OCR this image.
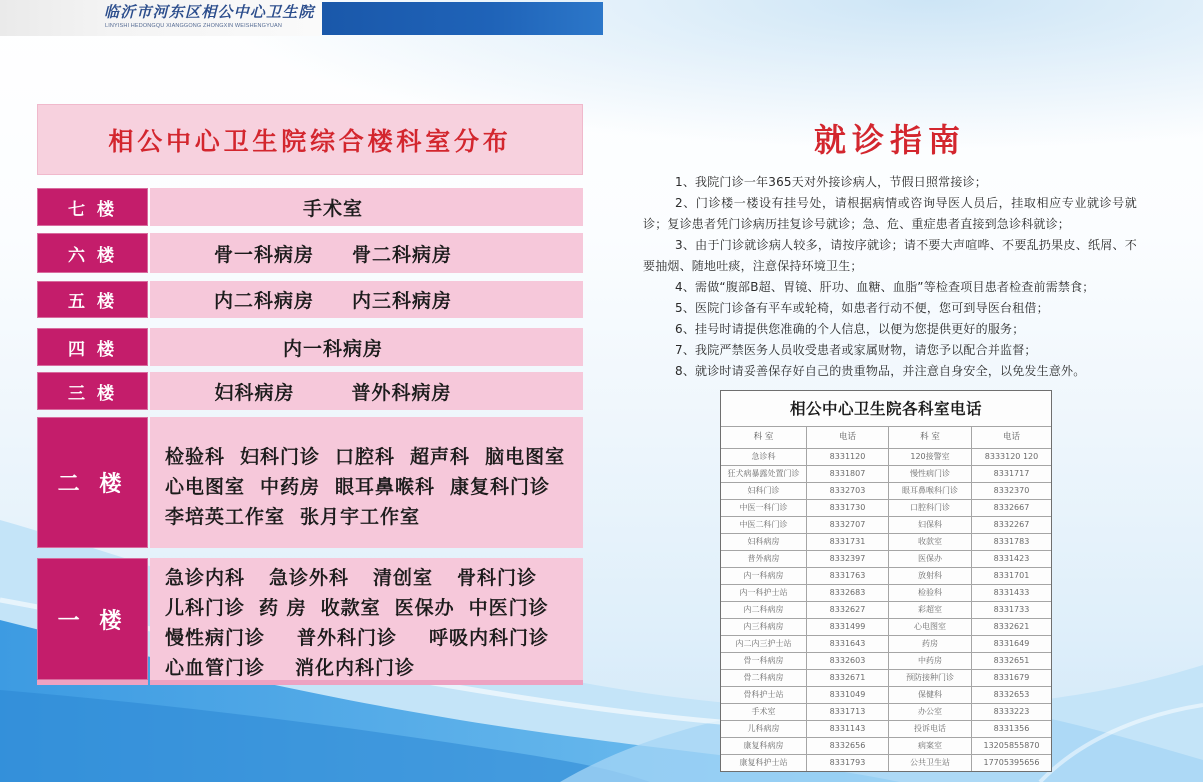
临沂市河东区相公中心卫生院
LINYISHI HEDONGQU XIANGGONG ZHONGXIN WEISHENGYUAN
相公中心卫生院综合楼科室分布
七 楼	手术室
六 楼	骨一科病房 骨二科病房
五 楼	内二科病房 内三科病房
四 楼	内一科病房
三 楼	妇科病房	普外科病房
二 楼
检验科 妇科门诊 口腔科 超声科 脑电图室
心电图室 中药房 眼耳鼻喉科 康复科门诊
李培英工作室 张月宇工作室
一 楼
急诊内科 急诊外科 清创室 骨科门诊
儿科门诊 药 房 收款室 医保办 中医门诊
慢性病门诊 普外科门诊 呼吸内科门诊
心血管门诊 消化内科门诊
就诊指南

1、我院门诊一年365天对外接诊病人，节假日照常接诊；

2、门诊楼一楼设有挂号处，请根据病情或咨询导医人员后，挂取相应专业就诊号就诊；复诊患者凭门诊病历挂复诊号就诊；急、危、重症患者直接到急诊科就诊；

3、由于门诊就诊病人较多，请按序就诊；请不要大声喧哗、不要乱扔果皮、纸屑、不要抽烟、随地吐痰，注意保持环境卫生；

4、需做“腹部B超、胃镜、肝功、血糖、血脂”等检查项目患者检查前需禁食；

5、医院门诊备有平车或轮椅，如患者行动不便，您可到导医台租借；

6、挂号时请提供您准确的个人信息，以便为您提供更好的服务；

7、我院严禁医务人员收受患者或家属财物，请您予以配合并监督；

8、就诊时请妥善保存好自己的贵重物品，并注意自身安全，以免发生意外。

相公中心卫生院各科室电话
科 室	电话	科 室	电话
急诊科	8331120	120接警室	8333120 120
狂犬病暴露处置门诊	8331807	慢性病门诊	8331717
妇科门诊	8332703	眼耳鼻喉科门诊	8332370
中医一科门诊	8331730	口腔科门诊	8332667
中医二科门诊	8332707	妇保科	8332267
妇科病房	8331731	收款室	8331783
普外病房	8332397	医保办	8331423
内一科病房	8331763	放射科	8331701
内一科护士站	8332683	检验科	8331433
内二科病房	8332627	彩超室	8331733
内三科病房	8331499	心电图室	8332621
内二内三护士站	8331643	药房	8331649
骨一科病房	8332603	中药房	8332651
骨二科病房	8332671	预防接种门诊	8331679
骨科护士站	8331049	保健科	8332653
手术室	8331713	办公室	8333223
儿科病房	8331143	投诉电话	8331356
康复科病房	8332656	病案室	13205855870
康复科护士站	8331793	公共卫生站	17705395656
